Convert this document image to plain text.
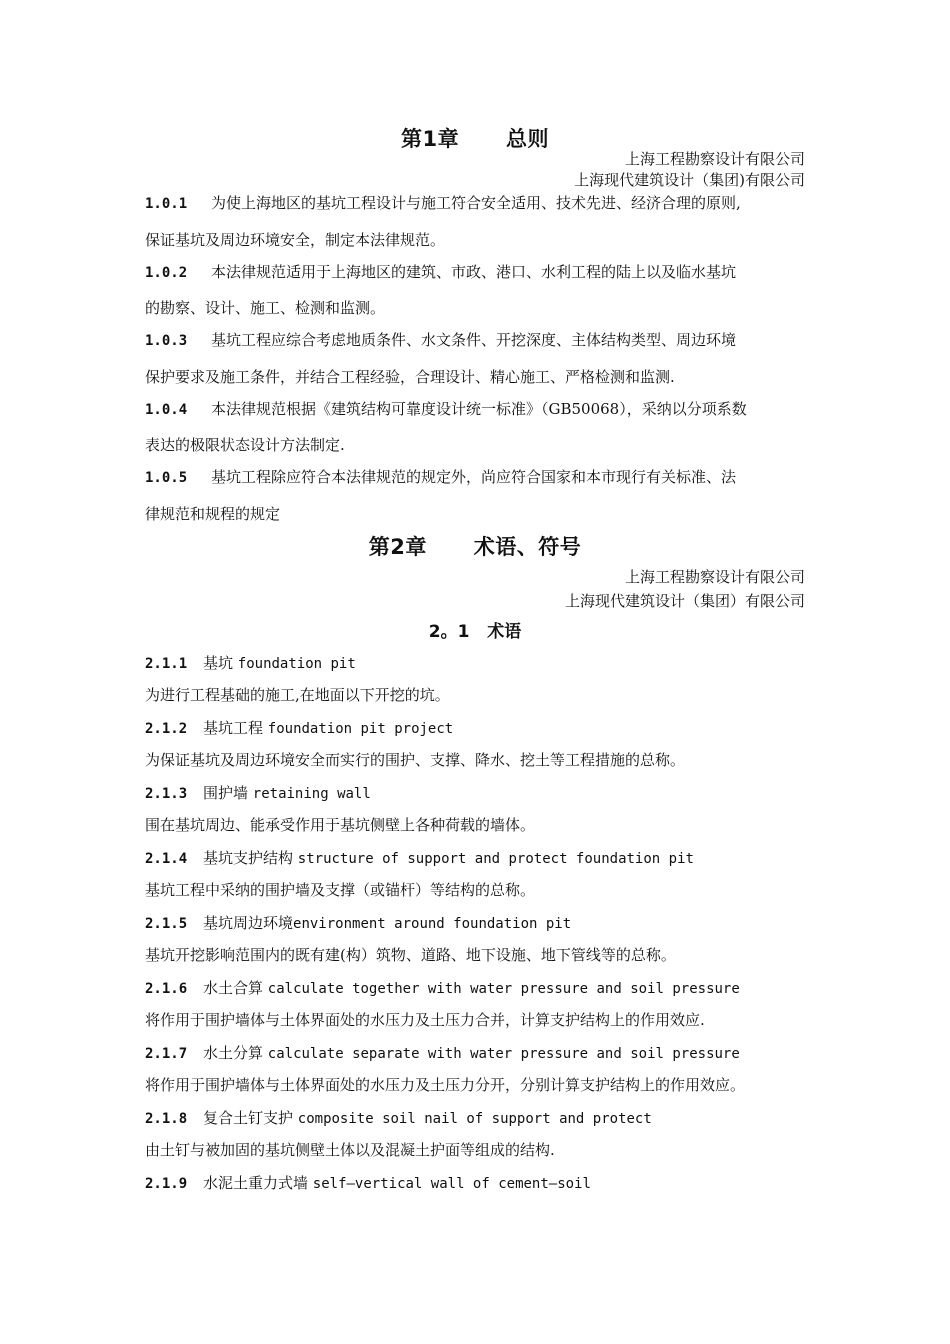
第1章      总则
上海工程勘察设计有限公司
上海现代建筑设计（集团)有限公司
1.0.1 为使上海地区的基坑工程设计与施工符合安全适用、技术先进、经济合理的原则,
保证基坑及周边环境安全，制定本法律规范。
1.0.2 本法律规范适用于上海地区的建筑、市政、港口、水利工程的陆上以及临水基坑
的勘察、设计、施工、检测和监测。
1.0.3 基坑工程应综合考虑地质条件、水文条件、开挖深度、主体结构类型、周边环境
保护要求及施工条件，并结合工程经验，合理设计、精心施工、严格检测和监测.
1.0.4 本法律规范根据《建筑结构可靠度设计统一标准》（GB50068），采纳以分项系数
表达的极限状态设计方法制定.
1.0.5 基坑工程除应符合本法律规范的规定外，尚应符合国家和本市现行有关标准、法
律规范和规程的规定
第2章      术语、符号
上海工程勘察设计有限公司
上海现代建筑设计（集团）有限公司
2。1   术语
2.1.1 基坑 foundation pit
为进行工程基础的施工,在地面以下开挖的坑。
2.1.2 基坑工程 foundation pit project
为保证基坑及周边环境安全而实行的围护、支撑、降水、挖土等工程措施的总称。
2.1.3 围护墙 retaining wall
围在基坑周边、能承受作用于基坑侧壁上各种荷载的墙体。
2.1.4 基坑支护结构 structure of support and protect foundation pit
基坑工程中采纳的围护墙及支撑（或锚杆）等结构的总称。
2.1.5 基坑周边环境environment around foundation pit
基坑开挖影响范围内的既有建(构）筑物、道路、地下设施、地下管线等的总称。
2.1.6 水土合算 calculate together with water pressure and soil pressure
将作用于围护墙体与土体界面处的水压力及土压力合并，计算支护结构上的作用效应.
2.1.7 水土分算 calculate separate with water pressure and soil pressure
将作用于围护墙体与土体界面处的水压力及土压力分开，分别计算支护结构上的作用效应。
2.1.8 复合土钉支护 composite soil nail of support and protect
由土钉与被加固的基坑侧壁土体以及混凝土护面等组成的结构.
2.1.9 水泥土重力式墙 self—vertical wall of cement—soil
